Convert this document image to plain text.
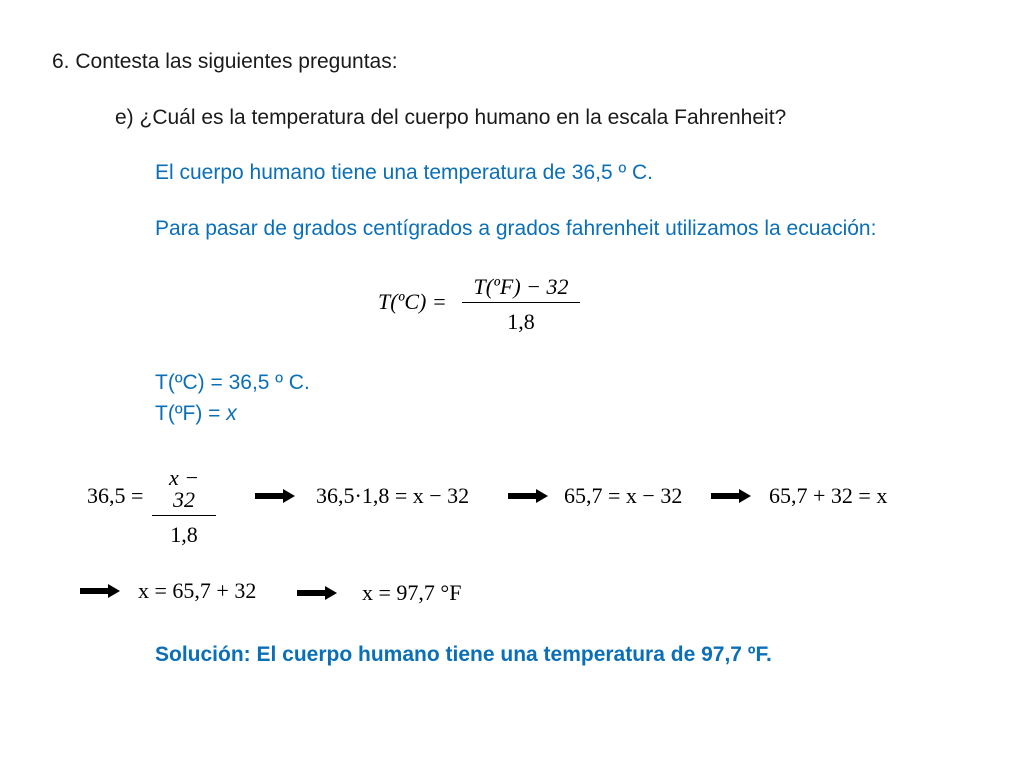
6. Contesta las siguientes preguntas:
e) ¿Cuál es la temperatura del cuerpo humano en la escala Fahrenheit?
El cuerpo humano tiene una temperatura de 36,5 º C.
Para pasar de grados centígrados a grados fahrenheit utilizamos la ecuación:
T(ºC) = $\frac{\text{T(ºF) − 32}}{1,8}$
T(ºC) = 36,5 º C.
T(ºF) = x
$36,5 = \frac{x - 32}{1,8}$	36,5·1,8 = x − 32	65,7 = x − 32	65,7 + 32 = x
x = 65,7 + 32	x = 97,7 °F
Solución: El cuerpo humano tiene una temperatura de 97,7 ºF.
